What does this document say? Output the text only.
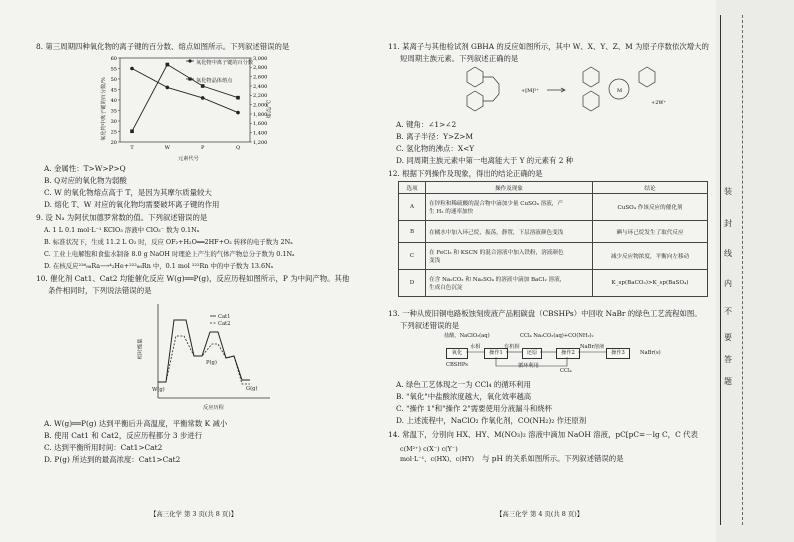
8. 第三周期四种氧化物的离子键的百分数、熔点如图所示。下列叙述错误的是
20
25
30
35
40
45
50
55
60
1,200
1,400
1,600
1,800
2,000
2,200
2,400
2,600
2,800
3,000
T	W	P	Q
氧化物中离子键的百分数
氧化物晶体熔点
元素代号
氧化物中离子键的百分数/%	熔点/°C
A. 金属性：T>W>P>Q
B. Q对应的氧化物为弱酸
C. W 的氧化物熔点高于 T，是因为其摩尔质量较大
D. 熔化 T、W 对应的氧化物均需要破坏离子键的作用
9. 设 Nₐ 为阿伏加德罗常数的值。下列叙述错误的是
A. 1 L 0.1 mol·L⁻¹ KClO₃ 溶液中 ClO₃⁻ 数为 0.1Nₐ
B. 标准状况下，生成 11.2 L O₂ 时，反应 OF₂+H₂O══2HF+O₂ 转移的电子数为 2Nₐ
C. 工业上电解饱和食盐水制备 8.0 g NaOH 时理论上产生的气体产物总分子数为 0.1Nₐ
D. 在核反应²²⁶₈₈Ra⟶⁴₂He+²²²₈₆Rn 中，0.1 mol ²²²Rn 中的中子数为 13.6Nₐ
10. 催化剂 Cat1、Cat2 均能催化反应 W(g)══P(g)，反应历程如图所示，P 为中间产物。其他
条件相同时，下列说法错误的是
Cat1
Cat2
相对能量
反应历程
W(g)
P(g)
G(g)
A. W(g)══P(g) 达到平衡后升高温度，平衡常数 K 减小
B. 使用 Cat1 和 Cat2，反应历程都分 3 步进行
C. 达到平衡所用时间：Cat1>Cat2
D. P(g) 所达到的最高浓度：Cat1>Cat2
【高三化学 第 3 页(共 8 页)】
11. 某离子与其他检试剂 GBHA 的反应如图所示，其中 W、X、Y、Z、M 为原子序数依次增大的
短周期主族元素。下列叙述正确的是
+[M]²⁺
+2W⁺
M
A. 键角：∠1>∠2
B. 离子半径：Y>Z>M
C. 氢化物的沸点：X<Y
D. 同周期主族元素中第一电离能大于 Y 的元素有 2 种
12. 根据下列操作及现象，得出的结论正确的是
选项	操作及现象	结论
A	在锌粒和稀硫酸的混合物中滴加少量 CuSO₄ 溶液，产
生 H₂ 的速率加快	CuSO₄ 作该反应的催化剂
B	在橘水中加入环己烷，振荡，静置，下层溶液颜色变浅	碘与环己烷发生了取代反应
C	在 FeCl₃ 和 KSCN 的混合溶液中加入铁粉，溶液颜色
变浅	减少反应物浓度，平衡向左移动
D	在含 Na₂CO₃ 和 Na₂SO₄ 的溶液中滴加 BaCl₂ 溶液，
生成白色沉淀	K_sp(BaCO₃)>K_sp(BaSO₄)
13. 一种从废旧铜电路板蚀刻废液产品粗碳盘（CBSHPs）中回收 NaBr 的绿色工艺流程如图。
下列叙述错误的是
盐酸、NaClO₂(aq)	CCl₄ Na₂CO₃(aq)+CO(NH₂)₂
氧化	操作1	还原	操作2	操作3	NaBr(s)
CBSHPs
水相	有机相	NaBr溶液
循环利用
CCl₄
A. 绿色工艺体现之一为 CCl₄ 的循环利用
B. "氧化"中盐酸浓度越大，氧化效率越高
C. "操作 1"和"操作 2"需要使用分液漏斗和烧杯
D. 上述流程中，NaClO₂ 作氧化剂，CO(NH₂)₂ 作还原剂
14. 常温下，分别向 HX、HY、M(NO₃)₂ 溶液中滴加 NaOH 溶液，pC[pC=－lg C，C 代表
c(M²⁺) c(X⁻) c(Y⁻)
mol·L⁻¹、c(HX)、c(HY) 与 pH 的关系如图所示。下列叙述错误的是
【高三化学 第 4 页(共 8 页)】
装
封
线
内
不
要
答
题
